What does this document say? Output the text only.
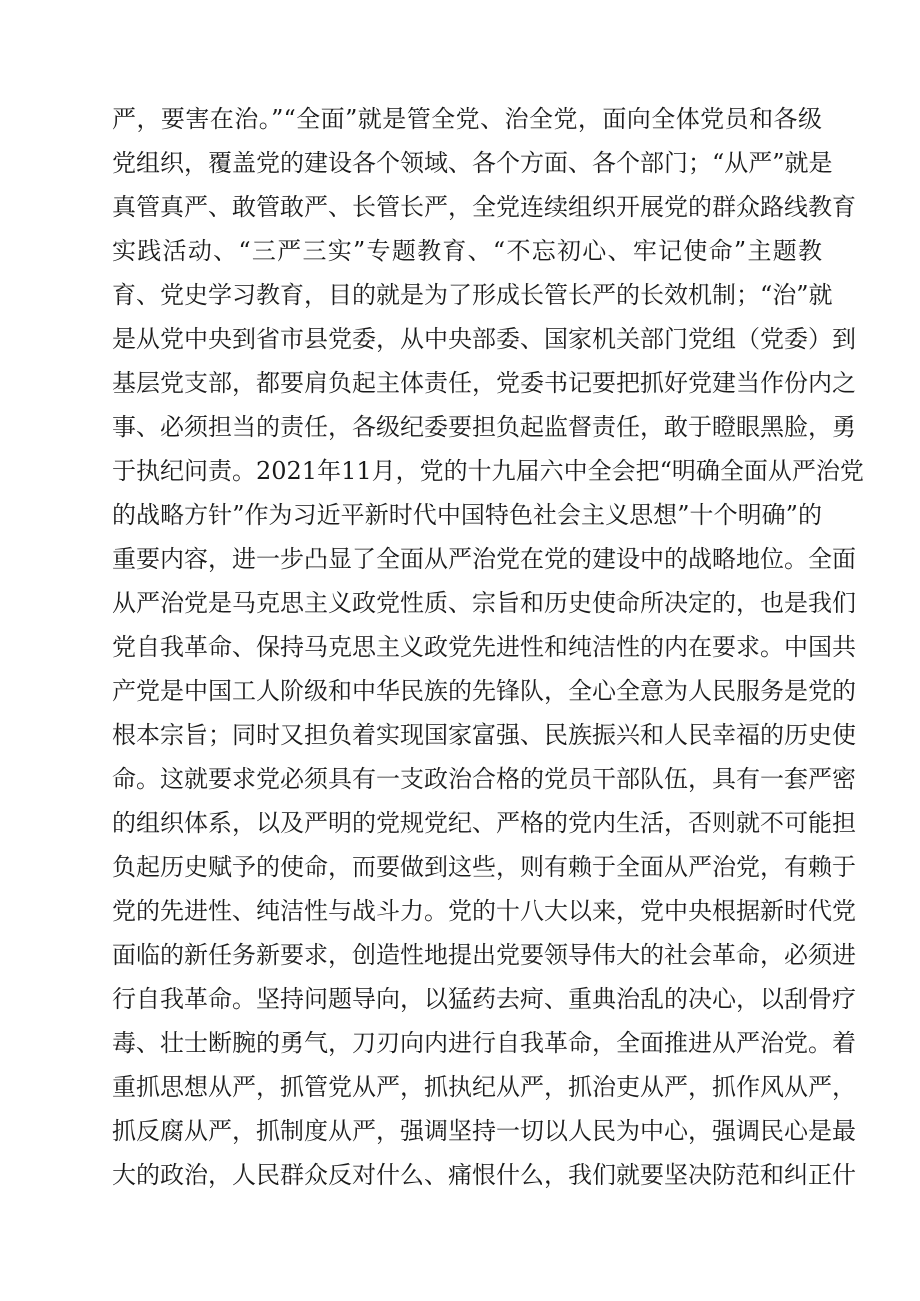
严，要害在治。”“全面”就是管全党、治全党，面向全体党员和各级
党组织，覆盖党的建设各个领域、各个方面、各个部门；“从严”就是
真管真严、敢管敢严、长管长严，全党连续组织开展党的群众路线教育
实践活动、“三严三实”专题教育、“不忘初心、牢记使命”主题教
育、党史学习教育，目的就是为了形成长管长严的长效机制；“治”就
是从党中央到省市县党委，从中央部委、国家机关部门党组（党委）到
基层党支部，都要肩负起主体责任，党委书记要把抓好党建当作份内之
事、必须担当的责任，各级纪委要担负起监督责任，敢于瞪眼黑脸，勇
于执纪问责。2021年11月，党的十九届六中全会把“明确全面从严治党
的战略方针”作为习近平新时代中国特色社会主义思想”十个明确”的
重要内容，进一步凸显了全面从严治党在党的建设中的战略地位。全面
从严治党是马克思主义政党性质、宗旨和历史使命所决定的，也是我们
党自我革命、保持马克思主义政党先进性和纯洁性的内在要求。中国共
产党是中国工人阶级和中华民族的先锋队，全心全意为人民服务是党的
根本宗旨；同时又担负着实现国家富强、民族振兴和人民幸福的历史使
命。这就要求党必须具有一支政治合格的党员干部队伍，具有一套严密
的组织体系，以及严明的党规党纪、严格的党内生活，否则就不可能担
负起历史赋予的使命，而要做到这些，则有赖于全面从严治党，有赖于
党的先进性、纯洁性与战斗力。党的十八大以来，党中央根据新时代党
面临的新任务新要求，创造性地提出党要领导伟大的社会革命，必须进
行自我革命。坚持问题导向，以猛药去疴、重典治乱的决心，以刮骨疗
毒、壮士断腕的勇气，刀刃向内进行自我革命，全面推进从严治党。着
重抓思想从严，抓管党从严，抓执纪从严，抓治吏从严，抓作风从严，
抓反腐从严，抓制度从严，强调坚持一切以人民为中心，强调民心是最
大的政治，人民群众反对什么、痛恨什么，我们就要坚决防范和纠正什
